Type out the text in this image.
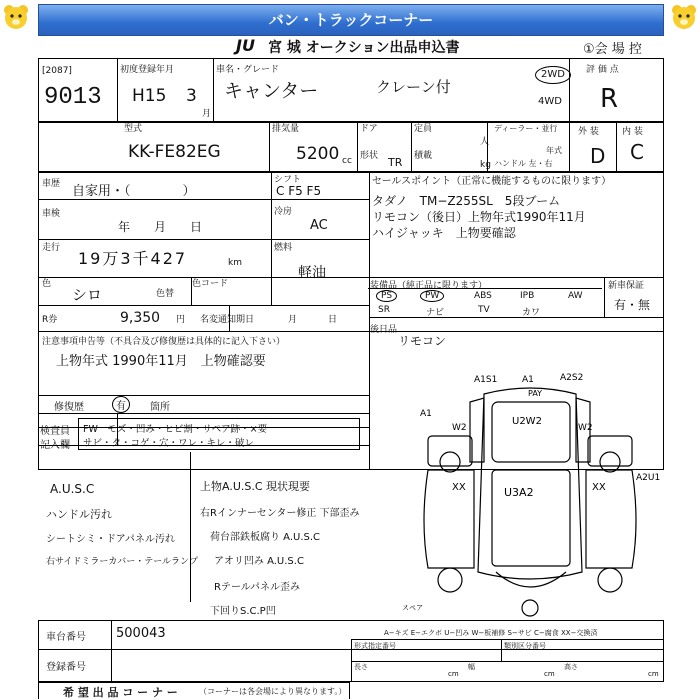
バン・トラックコーナー
JU 宮 城 オークション出品申込書	①会 場 控
[2087]
9013
初度登録年月
H15 3
月
車名・グレード
キャンター	クレーン付
2WD
4WD
評 価 点
R
型式
KK-FE82EG
排気量
5200 cc
ドア	定員
人
形状 TR 積載
kg
ディーラー・並行
年式
ハンドル 左・右
外 装	内 装
D C
車歴 自家用・（　　　　）
シフト
C F5 F5
車検
年　　月　　日
冷房
AC
走行
19万3千427	km
燃料
軽油
色
シロ
色コード
色替
R券	9,350 円 名変通知期日	月	日
セールスポイント（正常に機能するものに限ります）
タダノ　TM−Z255SL　5段ブーム
リモコン（後日）上物年式1990年11月
ハイジャッキ　上物要確認
装備品（純正品に限ります）	新車保証
有・無
PS	PW	ABS	IPB	AW
SR	ナビ	TV	カワ
後日品
リモコン
注意事項申告等（不具合及び修復歴は具体的に記入下さい）
上物年式 1990年11月　上物確認要
修復歴	有	箇所
検査員
記入欄
FW　モズ・凹み・ヒビ割・リペア跡・×要
サビ・タ・コゲ・穴・ワレ・キレ・破レ
A.U.S.C
ハンドル汚れ
シートシミ・ドアパネル汚れ
右サイドミラーカバー・テールランプ
上物A.U.S.C 現状現要
右Rインナーセンター修正 下部歪み
荷台部鉄板腐り A.U.S.C
アオリ凹み A.U.S.C
Rテールパネル歪み
下回りS.C.P凹
A1S1	A1	A2S2
PAY
U2W2
W2	W2
A1
XX	U3A2	XX
A2U1
スペア
A−キズ E−エクボ U−凹み W−板補修 S−サビ C−腐食 XX−交換済
車台番号 500043
登録番号
形式指定番号	類別区分番号
長さ	幅	高さ
cm	cm	cm
希 望 出 品 コ ー ナ ー	（コーナーは各会場により異なります。）
